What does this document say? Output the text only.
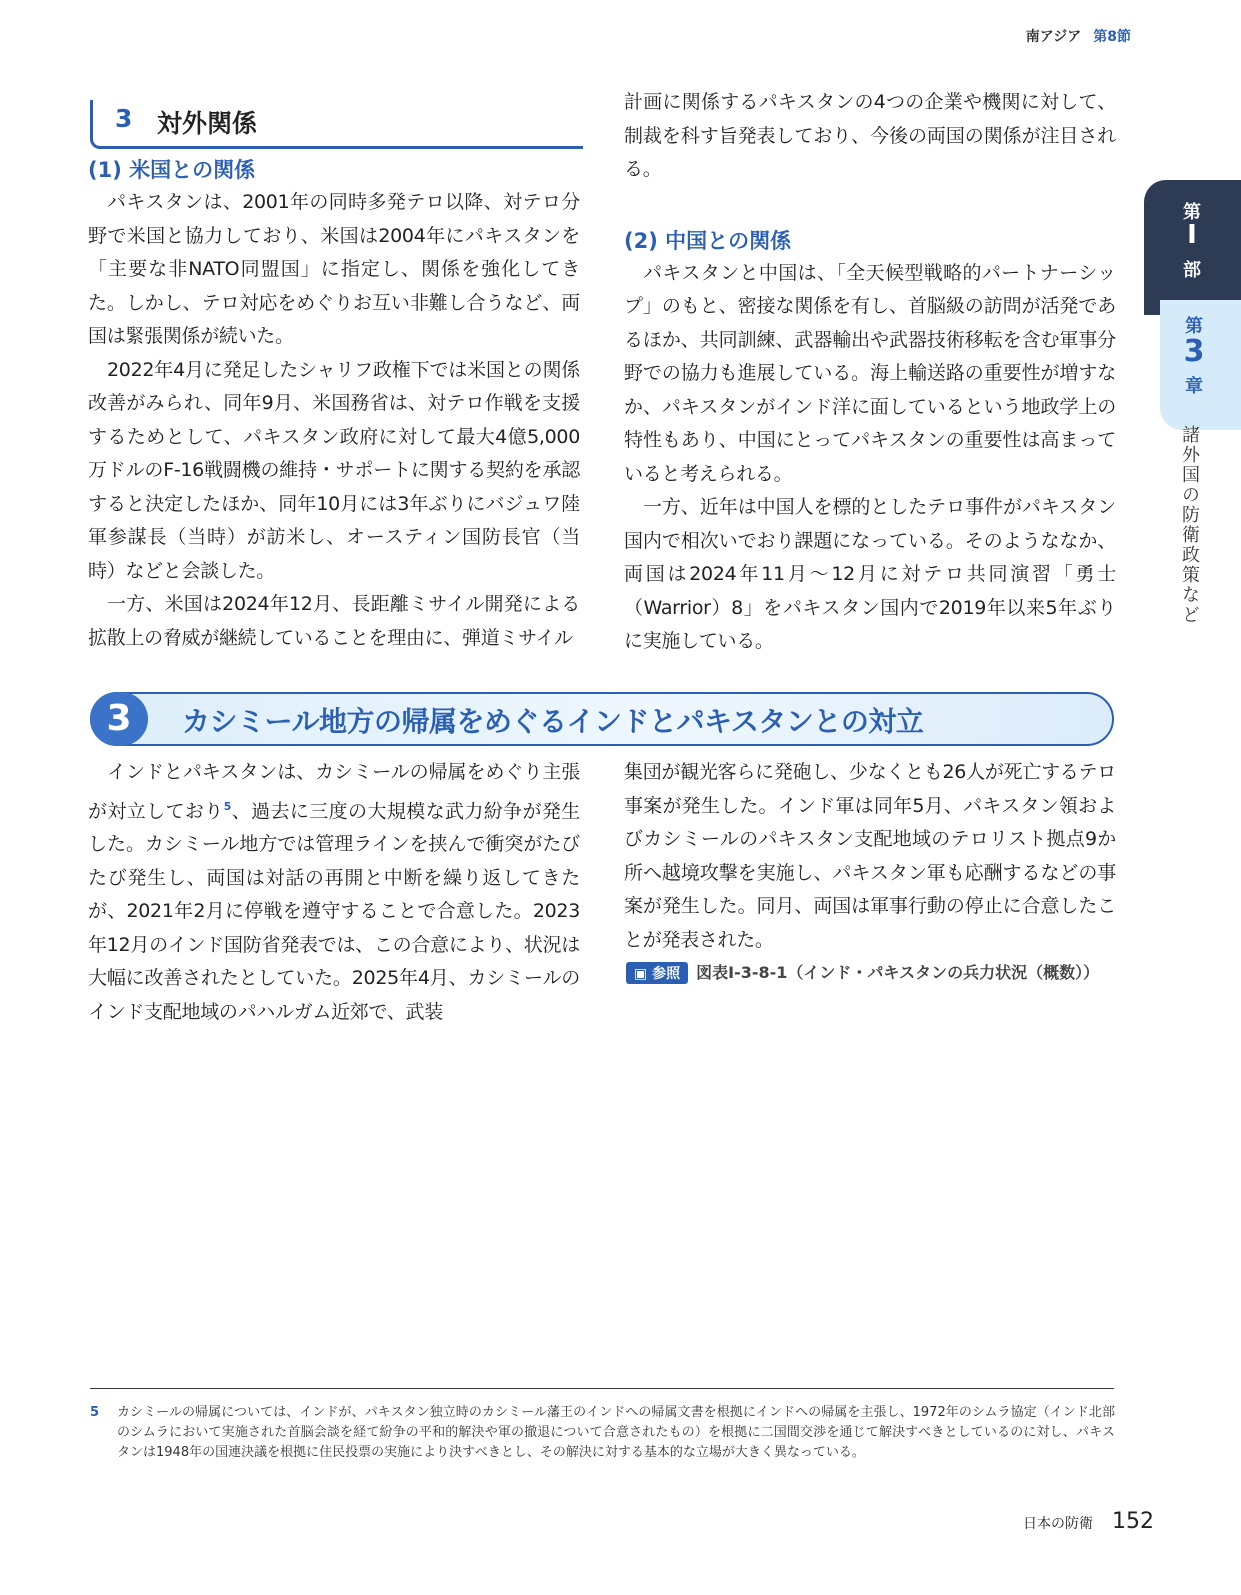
南アジア 第8節
第
I
部
第
3
章
諸外国の防衛政策など
3 対外関係
(1) 米国との関係

パキスタンは、2001年の同時多発テロ以降、対テロ分野で米国と協力しており、米国は2004年にパキスタンを「主要な非NATO同盟国」に指定し、関係を強化してきた。しかし、テロ対応をめぐりお互い非難し合うなど、両国は緊張関係が続いた。

2022年4月に発足したシャリフ政権下では米国との関係改善がみられ、同年9月、米国務省は、対テロ作戦を支援するためとして、パキスタン政府に対して最大4億5,000万ドルのF-16戦闘機の維持・サポートに関する契約を承認すると決定したほか、同年10月には3年ぶりにバジュワ陸軍参謀長（当時）が訪米し、オースティン国防長官（当時）などと会談した。

一方、米国は2024年12月、長距離ミサイル開発による拡散上の脅威が継続していることを理由に、弾道ミサイル

計画に関係するパキスタンの4つの企業や機関に対して、制裁を科す旨発表しており、今後の両国の関係が注目される。

(2) 中国との関係

パキスタンと中国は、「全天候型戦略的パートナーシップ」のもと、密接な関係を有し、首脳級の訪問が活発であるほか、共同訓練、武器輸出や武器技術移転を含む軍事分野での協力も進展している。海上輸送路の重要性が増すなか、パキスタンがインド洋に面しているという地政学上の特性もあり、中国にとってパキスタンの重要性は高まっていると考えられる。

一方、近年は中国人を標的としたテロ事件がパキスタン国内で相次いでおり課題になっている。そのようななか、両国は2024年11月～12月に対テロ共同演習「勇士（Warrior）8」をパキスタン国内で2019年以来5年ぶりに実施している。

3	カシミール地方の帰属をめぐるインドとパキスタンとの対立

インドとパキスタンは、カシミールの帰属をめぐり主張が対立しており$^5$、過去に三度の大規模な武力紛争が発生した。カシミール地方では管理ラインを挟んで衝突がたびたび発生し、両国は対話の再開と中断を繰り返してきたが、2021年2月に停戦を遵守することで合意した。2023年12月のインド国防省発表では、この合意により、状況は大幅に改善されたとしていた。2025年4月、カシミールのインド支配地域のパハルガム近郊で、武装

集団が観光客らに発砲し、少なくとも26人が死亡するテロ事案が発生した。インド軍は同年5月、パキスタン領およびカシミールのパキスタン支配地域のテロリスト拠点9か所へ越境攻撃を実施し、パキスタン軍も応酬するなどの事案が発生した。同月、両国は軍事行動の停止に合意したことが発表された。

▣ 参照 図表Ⅰ-3-8-1（インド・パキスタンの兵力状況（概数））
5 カシミールの帰属については、インドが、パキスタン独立時のカシミール藩王のインドへの帰属文書を根拠にインドへの帰属を主張し、1972年のシムラ協定（インド北部のシムラにおいて実施された首脳会談を経て紛争の平和的解決や軍の撤退について合意されたもの）を根拠に二国間交渉を通じて解決すべきとしているのに対し、パキスタンは1948年の国連決議を根拠に住民投票の実施により決すべきとし、その解決に対する基本的な立場が大きく異なっている。
日本の防衛 152
